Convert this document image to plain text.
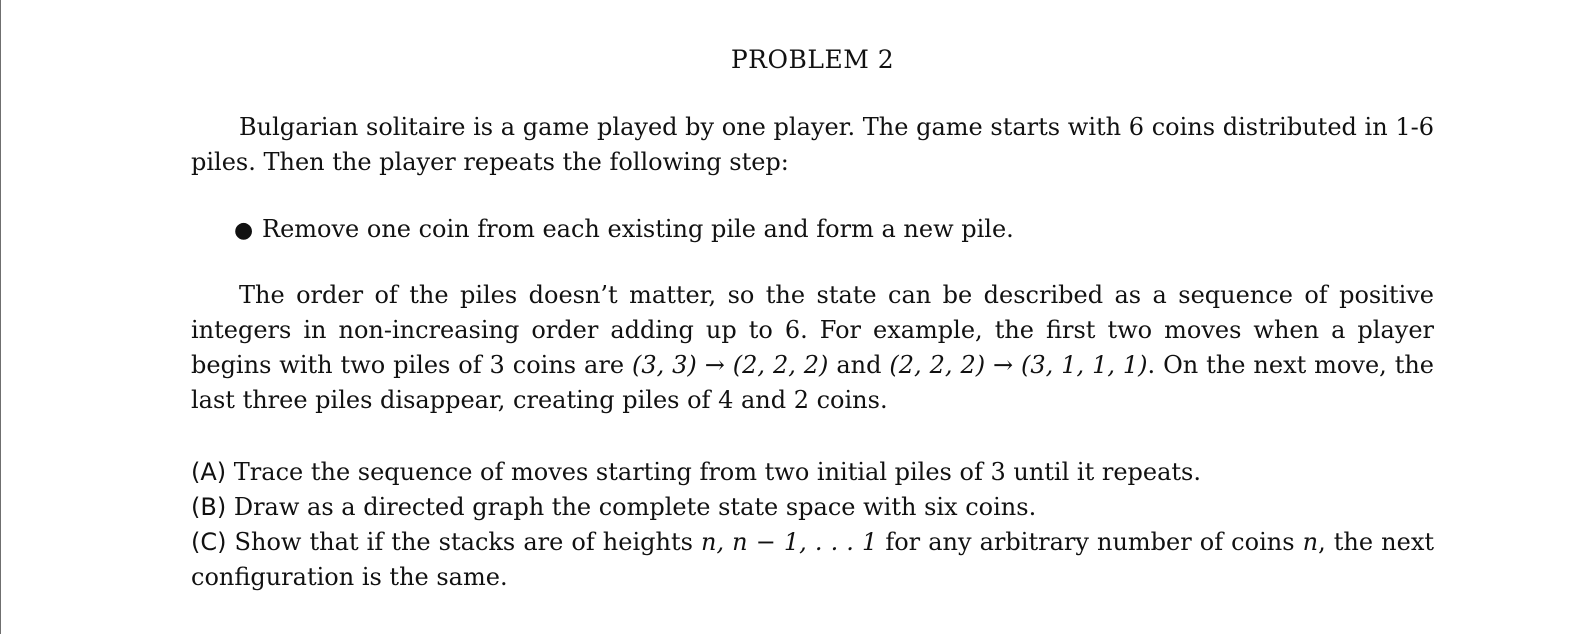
PROBLEM 2

Bulgarian solitaire is a game played by one player. The game starts with 6 coins distributed in 1-6 piles. Then the player repeats the following step:

● Remove one coin from each existing pile and form a new pile.

The order of the piles doesn’t matter, so the state can be described as a sequence of positive integers in non-increasing order adding up to 6. For example, the first two moves when a player begins with two piles of 3 coins are (3, 3) → (2, 2, 2) and (2, 2, 2) → (3, 1, 1, 1). On the next move, the last three piles disappear, creating piles of 4 and 2 coins.

(A) Trace the sequence of moves starting from two initial piles of 3 until it repeats.

(B) Draw as a directed graph the complete state space with six coins.

(C) Show that if the stacks are of heights n, n − 1, . . . 1 for any arbitrary number of coins n, the next configuration is the same.
